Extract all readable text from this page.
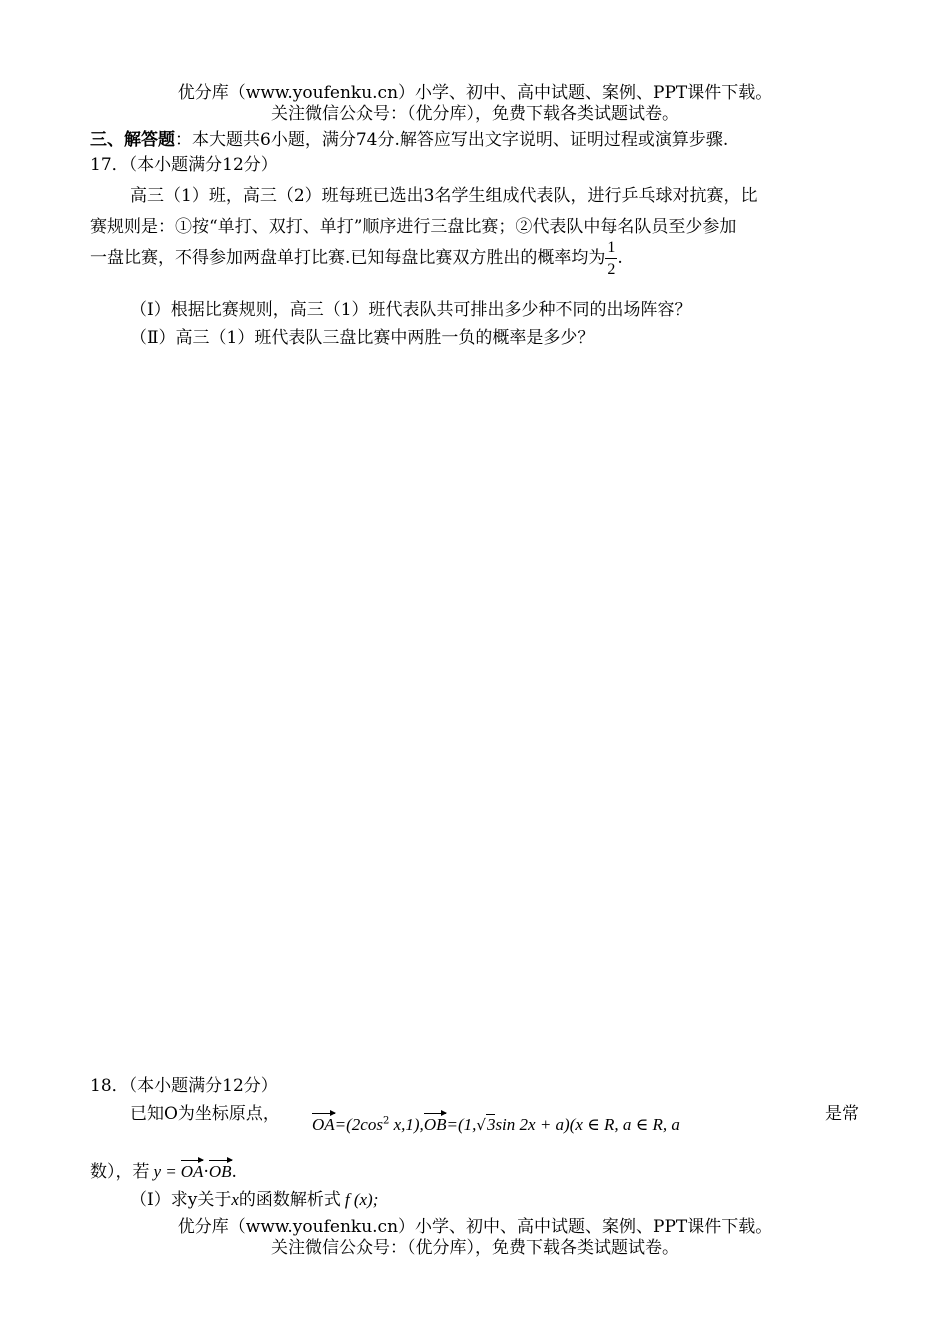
优分库（www.youfenku.cn）小学、初中、高中试题、案例、PPT课件下载。
关注微信公众号：（优分库），免费下载各类试题试卷。
三、解答题：本大题共6小题，满分74分.解答应写出文字说明、证明过程或演算步骤.
17．（本小题满分12分）
高三（1）班，高三（2）班每班已选出3名学生组成代表队，进行乒乓球对抗赛，比
赛规则是：①按“单打、双打、单打”顺序进行三盘比赛；②代表队中每名队员至少参加
一盘比赛，不得参加两盘单打比赛.已知每盘比赛双方胜出的概率均为 $\frac{1}{2}$ .
（Ⅰ）根据比赛规则，高三（1）班代表队共可排出多少种不同的出场阵容？
（Ⅱ）高三（1）班代表队三盘比赛中两胜一负的概率是多少？
18．（本小题满分12分）
已知O为坐标原点，
$OA=(2\cos^2$ x,1),OB=(1,√3sin 2x + a)(x ∈ R, a ∈ R, a
是常
数），若 y = OA·OB.
（Ⅰ）求y关于x的函数解析式 f (x);
优分库（www.youfenku.cn）小学、初中、高中试题、案例、PPT课件下载。
关注微信公众号：（优分库），免费下载各类试题试卷。
